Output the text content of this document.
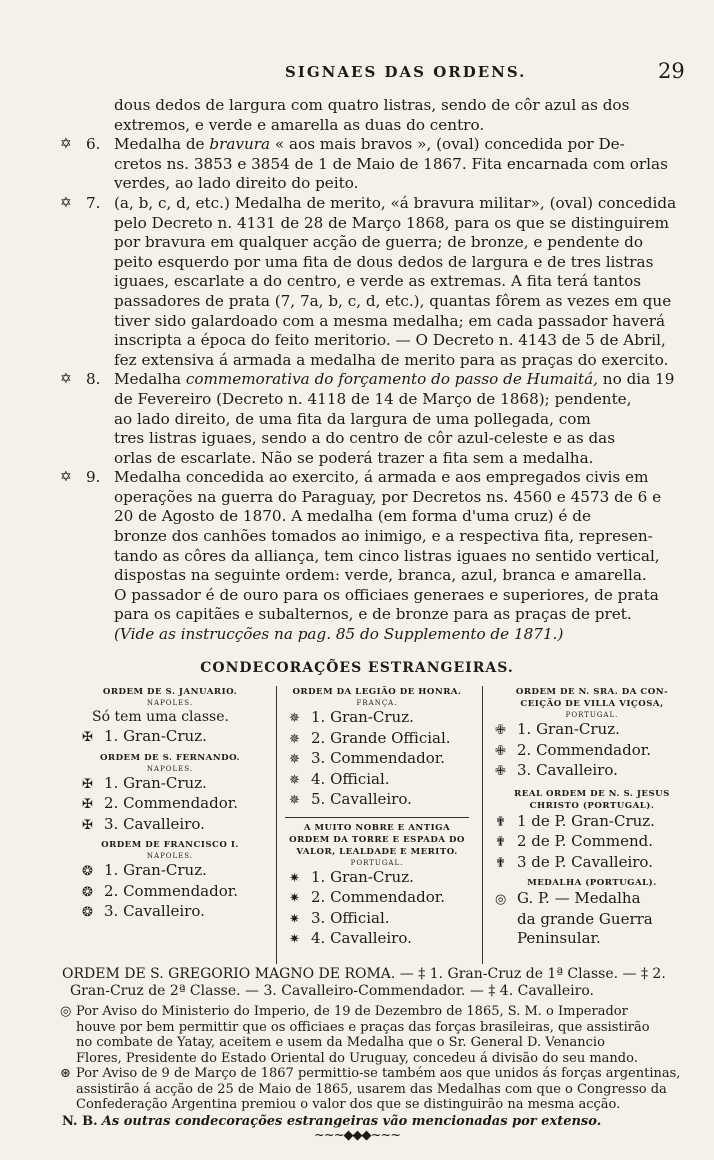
SIGNAES DAS ORDENS.	29

dous dedos de largura com quatro listras, sendo de côr azul as dos

extremos, e verde e amarella as duas do centro.

✡ 6. Medalha de bravura « aos mais bravos », (oval) concedida por De-

cretos ns. 3853 e 3854 de 1 de Maio de 1867. Fita encarnada com orlas

verdes, ao lado direito do peito.

✡ 7. (a, b, c, d, etc.) Medalha de merito, «á bravura militar», (oval) concedida

pelo Decreto n. 4131 de 28 de Março 1868, para os que se distinguirem

por bravura em qualquer acção de guerra; de bronze, e pendente do

peito esquerdo por uma fita de dous dedos de largura e de tres listras

iguaes, escarlate a do centro, e verde as extremas. A fita terá tantos

passadores de prata (7, 7a, b, c, d, etc.), quantas fôrem as vezes em que

tiver sido galardoado com a mesma medalha; em cada passador haverá

inscripta a época do feito meritorio. — O Decreto n. 4143 de 5 de Abril,

fez extensiva á armada a medalha de merito para as praças do exercito.

✡ 8. Medalha commemorativa do forçamento do passo de Humaitá, no dia 19

de Fevereiro (Decreto n. 4118 de 14 de Março de 1868); pendente,

ao lado direito, de uma fita da largura de uma pollegada, com

tres listras iguaes, sendo a do centro de côr azul-celeste e as das

orlas de escarlate. Não se poderá trazer a fita sem a medalha.

✡ 9. Medalha concedida ao exercito, á armada e aos empregados civis em

operações na guerra do Paraguay, por Decretos ns. 4560 e 4573 de 6 e

20 de Agosto de 1870. A medalha (em forma d'uma cruz) é de

bronze dos canhões tomados ao inimigo, e a respectiva fita, represen-

tando as côres da alliança, tem cinco listras iguaes no sentido vertical,

dispostas na seguinte ordem: verde, branca, azul, branca e amarella.

O passador é de ouro para os officiaes generaes e superiores, de prata

para os capitães e subalternos, e de bronze para as praças de pret.

(Vide as instrucções na pag. 85 do Supplemento de 1871.)

CONDECORAÇÕES ESTRANGEIRAS.
ORDEM DE S. JANUARIO.
NAPOLES.
Só tem uma classe.
✠ 1. Gran-Cruz.
ORDEM DE S. FERNANDO.
NAPOLES.
✠ 1. Gran-Cruz.
✠ 2. Commendador.
✠ 3. Cavalleiro.
ORDEM DE FRANCISCO I.
NAPOLES.
❂ 1. Gran-Cruz.
❂ 2. Commendador.
❂ 3. Cavalleiro.
ORDEM DA LEGIÃO DE HONRA.
FRANÇA.
✵ 1. Gran-Cruz.
✵ 2. Grande Official.
✵ 3. Commendador.
✵ 4. Official.
✵ 5. Cavalleiro.
A MUITO NOBRE E ANTIGA
ORDEM DA TORRE E ESPADA DO
VALOR, LEALDADE E MERITO.
PORTUGAL.
✷ 1. Gran-Cruz.
✷ 2. Commendador.
✷ 3. Official.
✷ 4. Cavalleiro.
ORDEM DE N. SRA. DA CON-
CEIÇÃO DE VILLA VIÇOSA,
PORTUGAL.
✙ 1. Gran-Cruz.
✙ 2. Commendador.
✙ 3. Cavalleiro.
REAL ORDEM DE N. S. JESUS
CHRISTO (PORTUGAL).
✟ 1 de P. Gran-Cruz.
✟ 2 de P. Commend.
✟ 3 de P. Cavalleiro.
MEDALHA (PORTUGAL).
◎ G. P. — Medalha
da grande Guerra
Peninsular.

ORDEM DE S. GREGORIO MAGNO DE ROMA. — ‡ 1. Gran-Cruz de 1ª Classe. — ‡ 2.

Gran-Cruz de 2ª Classe. — 3. Cavalleiro-Commendador. — ‡ 4. Cavalleiro.

◎ Por Aviso do Ministerio do Imperio, de 19 de Dezembro de 1865, S. M. o Imperador

houve por bem permittir que os officiaes e praças das forças brasileiras, que assistirão

no combate de Yatay, aceitem e usem da Medalha que o Sr. General D. Venancio

Flores, Presidente do Estado Oriental do Uruguay, concedeu á divisão do seu mando.

⊛ Por Aviso de 9 de Março de 1867 permittio-se também aos que unidos ás forças argentinas,

assistirão á acção de 25 de Maio de 1865, usarem das Medalhas com que o Congresso da

Confederação Argentina premiou o valor dos que se distinguirão na mesma acção.

N. B. As outras condecorações estrangeiras vão mencionadas por extenso.

~~~◆◆◆~~~
